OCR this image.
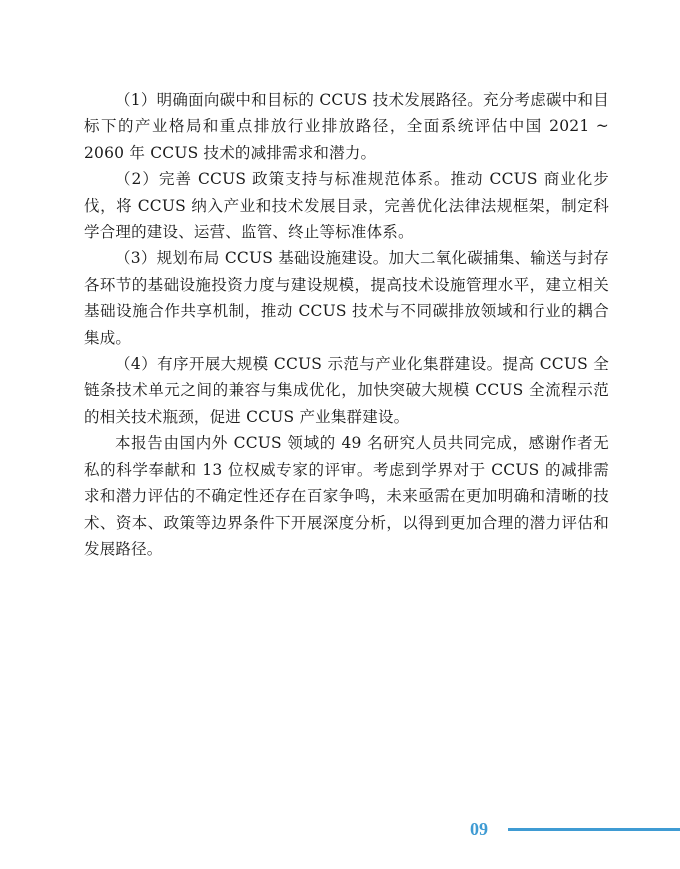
（1）明确面向碳中和目标的 CCUS 技术发展路径。充分考虑碳中和目标下的产业格局和重点排放行业排放路径，全面系统评估中国 2021 ~ 2060 年 CCUS 技术的减排需求和潜力。

（2）完善 CCUS 政策支持与标准规范体系。推动 CCUS 商业化步伐，将 CCUS 纳入产业和技术发展目录，完善优化法律法规框架，制定科学合理的建设、运营、监管、终止等标准体系。

（3）规划布局 CCUS 基础设施建设。加大二氧化碳捕集、输送与封存各环节的基础设施投资力度与建设规模，提高技术设施管理水平，建立相关基础设施合作共享机制，推动 CCUS 技术与不同碳排放领域和行业的耦合集成。

（4）有序开展大规模 CCUS 示范与产业化集群建设。提高 CCUS 全链条技术单元之间的兼容与集成优化，加快突破大规模 CCUS 全流程示范的相关技术瓶颈，促进 CCUS 产业集群建设。

本报告由国内外 CCUS 领域的 49 名研究人员共同完成，感谢作者无私的科学奉献和 13 位权威专家的评审。考虑到学界对于 CCUS 的减排需求和潜力评估的不确定性还存在百家争鸣，未来亟需在更加明确和清晰的技术、资本、政策等边界条件下开展深度分析，以得到更加合理的潜力评估和发展路径。

09
